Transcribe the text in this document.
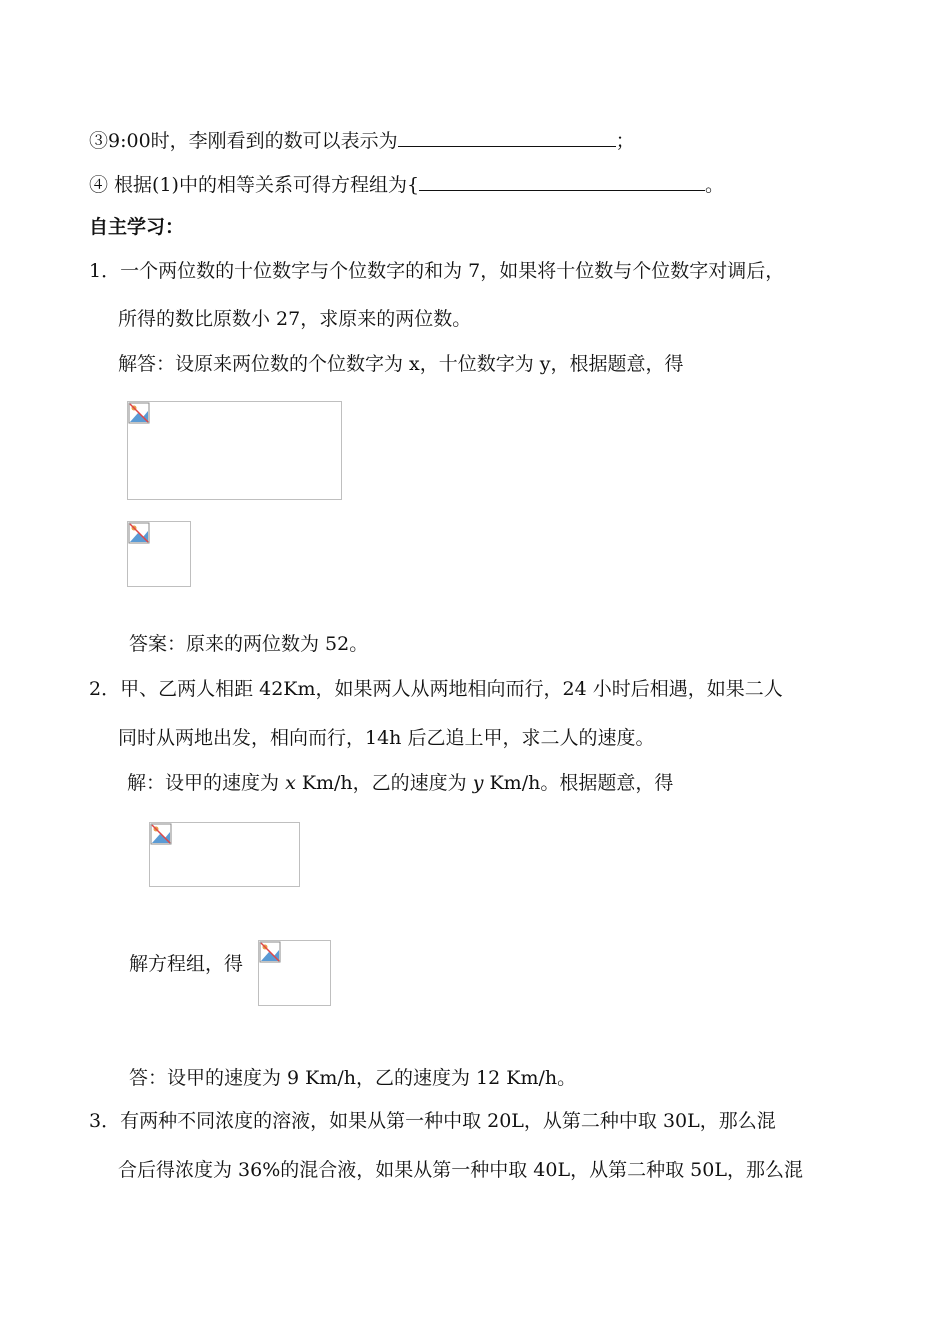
③9:00时，李刚看到的数可以表示为	；
④ 根据(1)中的相等关系可得方程组为{	。
自主学习：
1．一个两位数的十位数字与个位数字的和为 7，如果将十位数与个位数字对调后，
所得的数比原数小 27，求原来的两位数。
解答：设原来两位数的个位数字为 x，十位数字为 y，根据题意，得
答案：原来的两位数为 52。
2．甲、乙两人相距 42Km，如果两人从两地相向而行，24 小时后相遇，如果二人
同时从两地出发，相向而行，14h 后乙追上甲，求二人的速度。
解：设甲的速度为 x Km/h，乙的速度为 y Km/h。根据题意，得
解方程组，得
答：设甲的速度为 9 Km/h，乙的速度为 12 Km/h。
3．有两种不同浓度的溶液，如果从第一种中取 20L，从第二种中取 30L，那么混
合后得浓度为 36%的混合液，如果从第一种中取 40L，从第二种取 50L，那么混
